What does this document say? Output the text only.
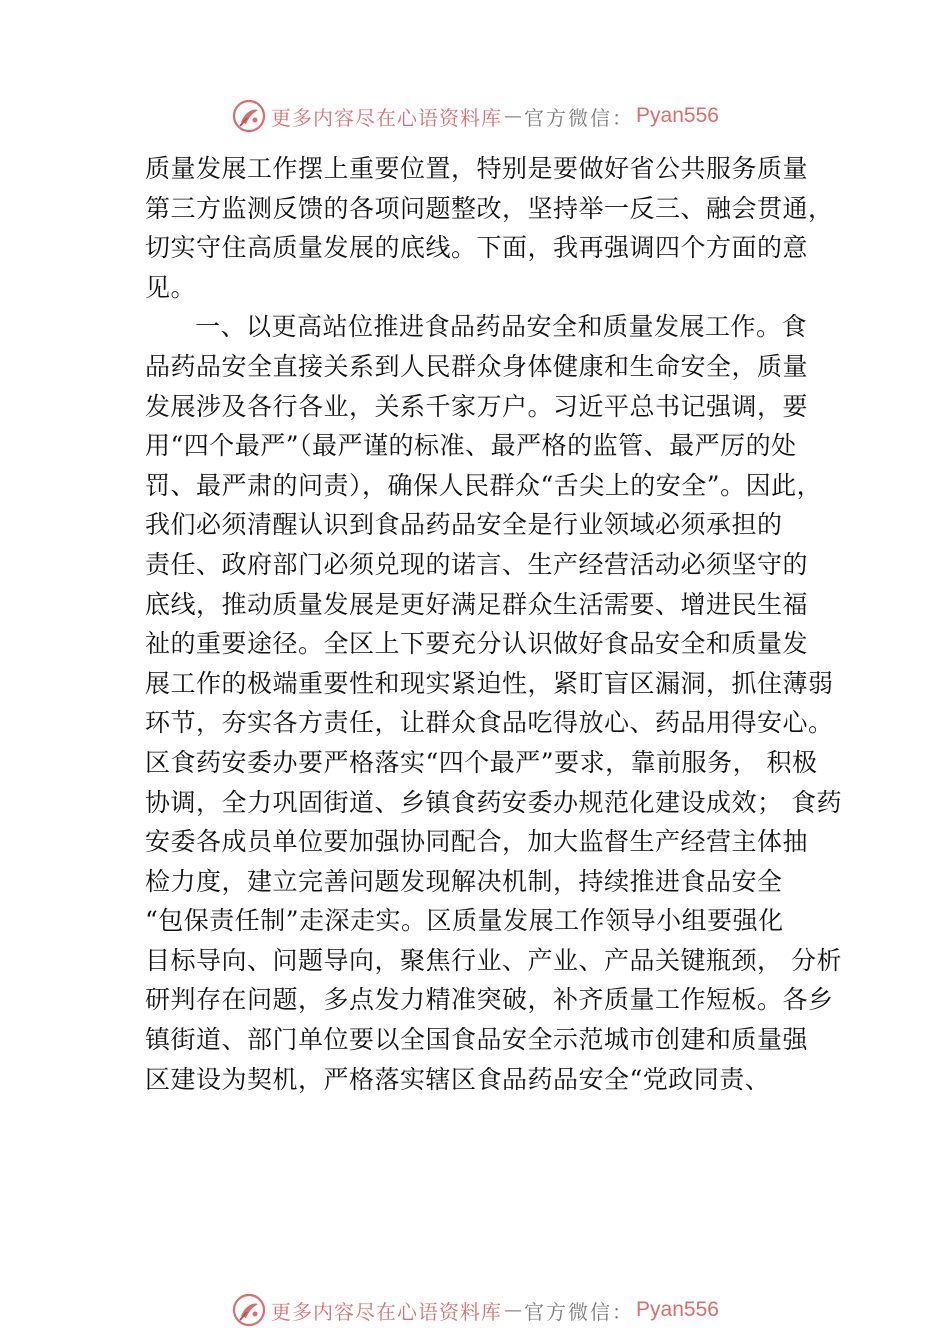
更多内容尽在心语资料库 — 官方微信： Pyan556
质量发展工作摆上重要位置，特别是要做好省公共服务质量
第三方监测反馈的各项问题整改，坚持举一反三、融会贯通，
切实守住高质量发展的底线。下面，我再强调四个方面的意
见。
一、以更高站位推进食品药品安全和质量发展工作。食
品药品安全直接关系到人民群众身体健康和生命安全，质量
发展涉及各行各业，关系千家万户。习近平总书记强调，要
用“四个最严”（最严谨的标准、最严格的监管、最严厉的处
罚、最严肃的问责），确保人民群众“舌尖上的安全”。因此，
我们必须清醒认识到食品药品安全是行业领域必须承担的
责任、政府部门必须兑现的诺言、生产经营活动必须坚守的
底线，推动质量发展是更好满足群众生活需要、增进民生福
祉的重要途径。全区上下要充分认识做好食品安全和质量发
展工作的极端重要性和现实紧迫性，紧盯盲区漏洞，抓住薄弱
环节，夯实各方责任，让群众食品吃得放心、药品用得安心。
区食药安委办要严格落实“四个最严”要求，靠前服务， 积极
协调，全力巩固街道、乡镇食药安委办规范化建设成效； 食药
安委各成员单位要加强协同配合，加大监督生产经营主体抽
检力度，建立完善问题发现解决机制，持续推进食品安全
“包保责任制”走深走实。区质量发展工作领导小组要强化
目标导向、问题导向，聚焦行业、产业、产品关键瓶颈， 分析
研判存在问题，多点发力精准突破，补齐质量工作短板。各乡
镇街道、部门单位要以全国食品安全示范城市创建和质量强
区建设为契机，严格落实辖区食品药品安全“党政同责、
更多内容尽在心语资料库 — 官方微信： Pyan556
